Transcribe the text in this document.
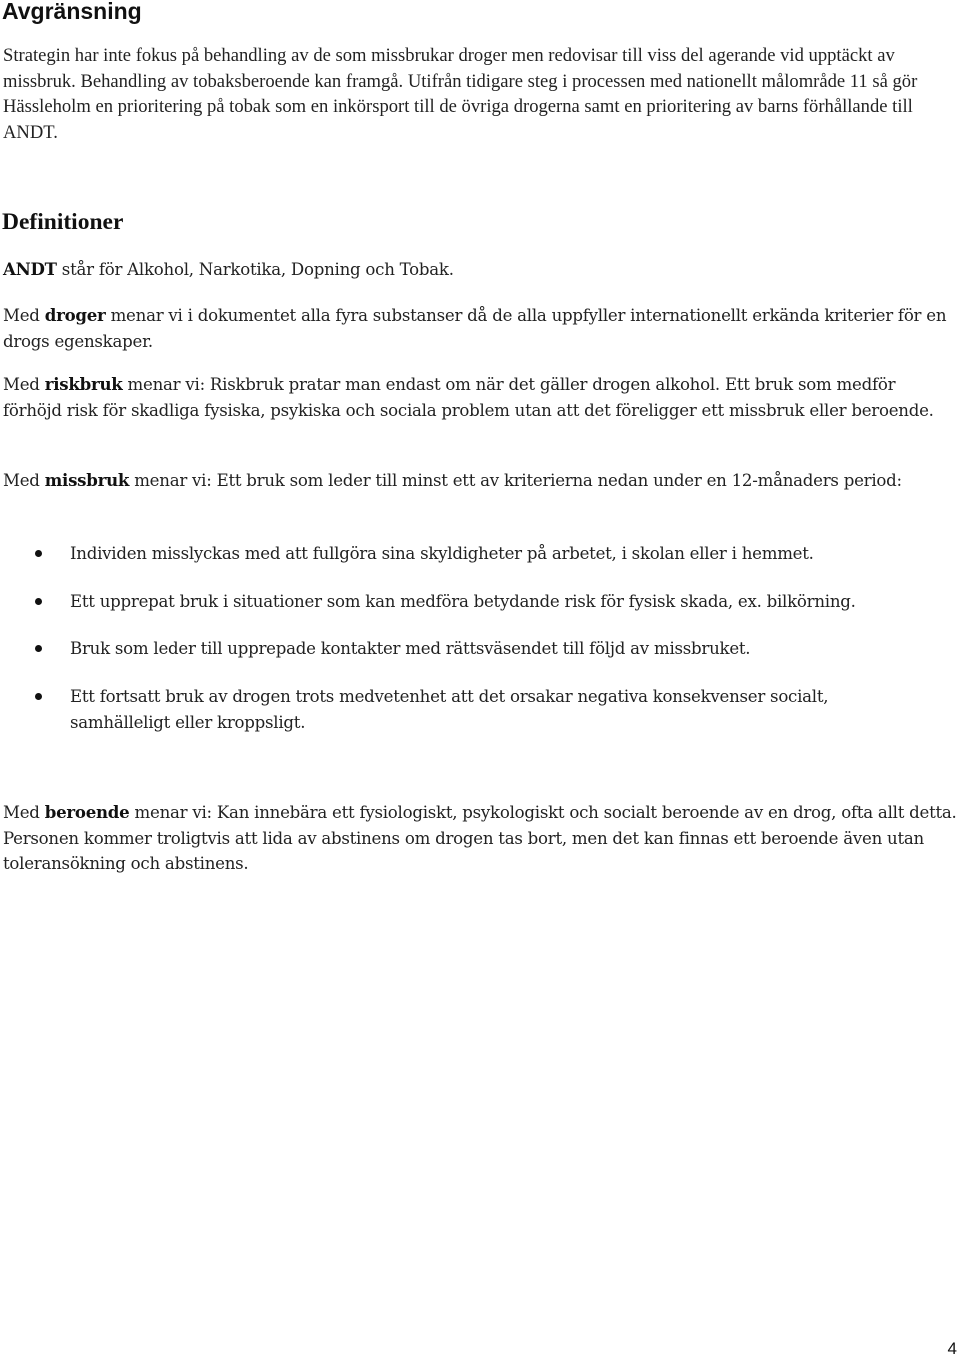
Avgränsning

Strategin har inte fokus på behandling av de som missbrukar droger men redovisar till viss del agerande vid upptäckt av missbruk. Behandling av tobaksberoende kan framgå. Utifrån tidigare steg i processen med nationellt målområde 11 så gör Hässleholm en prioritering på tobak som en inkörsport till de övriga drogerna samt en prioritering av barns förhållande till ANDT.

Definitioner

ANDT står för Alkohol, Narkotika, Dopning och Tobak.

Med droger menar vi i dokumentet alla fyra substanser då de alla uppfyller internationellt erkända kriterier för en drogs egenskaper.

Med riskbruk menar vi: Riskbruk pratar man endast om när det gäller drogen alkohol. Ett bruk som medför förhöjd risk för skadliga fysiska, psykiska och sociala problem utan att det föreligger ett missbruk eller beroende.

Med missbruk menar vi: Ett bruk som leder till minst ett av kriterierna nedan under en 12-månaders period:

Individen misslyckas med att fullgöra sina skyldigheter på arbetet, i skolan eller i hemmet.
Ett upprepat bruk i situationer som kan medföra betydande risk för fysisk skada, ex. bilkörning.
Bruk som leder till upprepade kontakter med rättsväsendet till följd av missbruket.
Ett fortsatt bruk av drogen trots medvetenhet att det orsakar negativa konsekvenser socialt, samhälleligt eller kroppsligt.

Med beroende menar vi: Kan innebära ett fysiologiskt, psykologiskt och socialt beroende av en drog, ofta allt detta. Personen kommer troligtvis att lida av abstinens om drogen tas bort, men det kan finnas ett beroende även utan toleransökning och abstinens.

4
